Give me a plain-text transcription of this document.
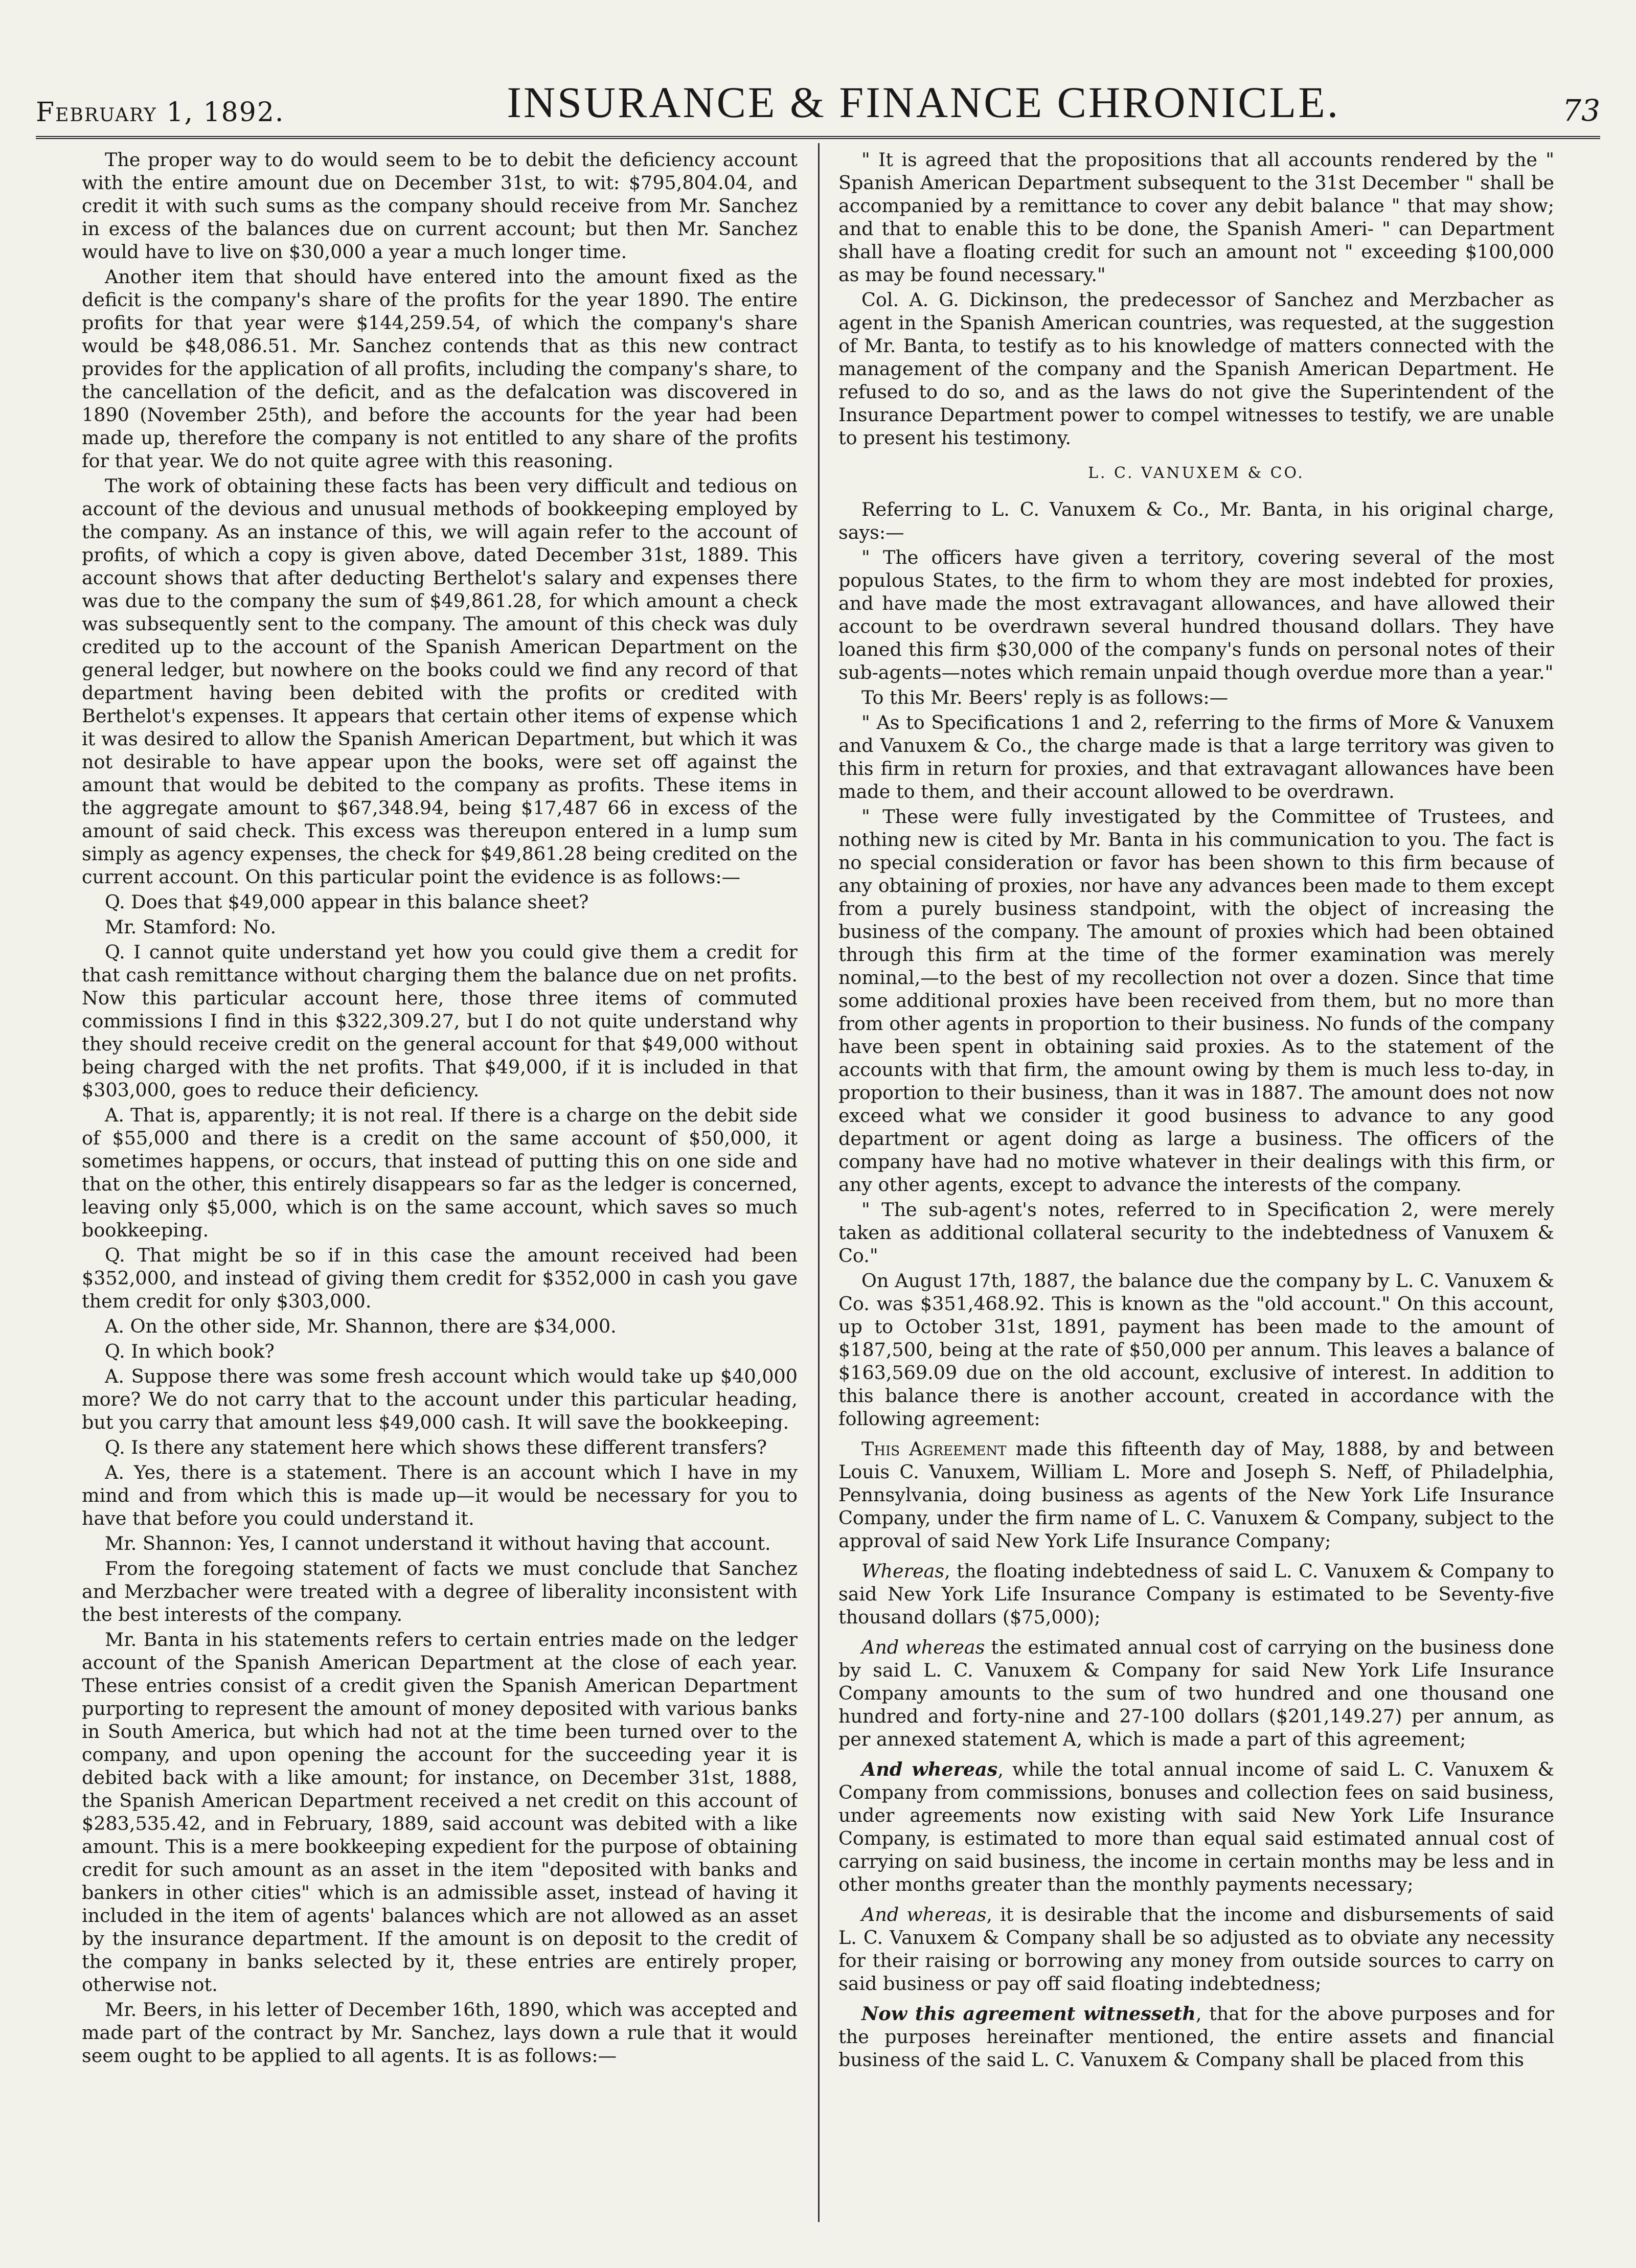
February 1, 1892.	INSURANCE & FINANCE CHRONICLE.	73

The proper way to do would seem to be to debit the deficiency account with the entire amount due on December 31st, to wit: $795,804.04, and credit it with such sums as the company should receive from Mr. Sanchez in excess of the balances due on current account; but then Mr. Sanchez would have to live on $30,000 a year a much longer time.

Another item that should have entered into the amount fixed as the deficit is the company's share of the profits for the year 1890. The entire profits for that year were $144,259.54, of which the company's share would be $48,086.51. Mr. Sanchez contends that as this new contract provides for the application of all profits, including the company's share, to the cancellation of the deficit, and as the defalcation was discovered in 1890 (November 25th), and before the accounts for the year had been made up, therefore the company is not entitled to any share of the profits for that year. We do not quite agree with this reasoning.

The work of obtaining these facts has been very difficult and tedious on account of the devious and unusual methods of bookkeeping employed by the company. As an instance of this, we will again refer to the account of profits, of which a copy is given above, dated December 31st, 1889. This account shows that after deducting Berthelot's salary and expenses there was due to the company the sum of $49,861.28, for which amount a check was subsequently sent to the company. The amount of this check was duly credited up to the account of the Spanish American Department on the general ledger, but nowhere on the books could we find any record of that department having been debited with the profits or credited with Berthelot's expenses. It appears that certain other items of expense which it was desired to allow the Spanish American Department, but which it was not desirable to have appear upon the books, were set off against the amount that would be debited to the company as profits. These items in the aggregate amount to $67,348.94, being $17,487 66 in excess of the amount of said check. This excess was thereupon entered in a lump sum simply as agency expenses, the check for $49,861.28 being credited on the current account. On this particular point the evidence is as follows:—

Q. Does that $49,000 appear in this balance sheet?

Mr. Stamford: No.

Q. I cannot quite understand yet how you could give them a credit for that cash remittance without charging them the balance due on net profits. Now this particular account here, those three items of commuted commissions I find in this $322,309.27, but I do not quite understand why they should receive credit on the general account for that $49,000 without being charged with the net profits. That $49,000, if it is included in that $303,000, goes to reduce their deficiency.

A. That is, apparently; it is not real. If there is a charge on the debit side of $55,000 and there is a credit on the same account of $50,000, it sometimes happens, or occurs, that instead of putting this on one side and that on the other, this entirely disappears so far as the ledger is concerned, leaving only $5,000, which is on the same account, which saves so much bookkeeping.

Q. That might be so if in this case the amount received had been $352,000, and instead of giving them credit for $352,000 in cash you gave them credit for only $303,000.

A. On the other side, Mr. Shannon, there are $34,000.

Q. In which book?

A. Suppose there was some fresh account which would take up $40,000 more? We do not carry that to the account under this particular heading, but you carry that amount less $49,000 cash. It will save the bookkeeping.

Q. Is there any statement here which shows these different transfers?

A. Yes, there is a statement. There is an account which I have in my mind and from which this is made up—it would be necessary for you to have that before you could understand it.

Mr. Shannon: Yes, I cannot understand it without having that account.

From the foregoing statement of facts we must conclude that Sanchez and Merzbacher were treated with a degree of liberality inconsistent with the best interests of the company.

Mr. Banta in his statements refers to certain entries made on the ledger account of the Spanish American Department at the close of each year. These entries consist of a credit given the Spanish American Department purporting to represent the amount of money deposited with various banks in South America, but which had not at the time been turned over to the company, and upon opening the account for the succeeding year it is debited back with a like amount; for instance, on December 31st, 1888, the Spanish American Department received a net credit on this account of $283,535.42, and in February, 1889, said account was debited with a like amount. This is a mere bookkeeping expedient for the purpose of obtaining credit for such amount as an asset in the item "deposited with banks and bankers in other cities" which is an admissible asset, instead of having it included in the item of agents' balances which are not allowed as an asset by the insurance department. If the amount is on deposit to the credit of the company in banks selected by it, these entries are entirely proper, otherwise not.

Mr. Beers, in his letter of December 16th, 1890, which was accepted and made part of the contract by Mr. Sanchez, lays down a rule that it would seem ought to be applied to all agents. It is as follows:—

" It is agreed that the propositions that all accounts rendered by the " Spanish American Department subsequent to the 31st December " shall be accompanied by a remittance to cover any debit balance " that may show; and that to enable this to be done, the Spanish Ameri- " can Department shall have a floating credit for such an amount not " exceeding $100,000 as may be found necessary."

Col. A. G. Dickinson, the predecessor of Sanchez and Merzbacher as agent in the Spanish American countries, was requested, at the suggestion of Mr. Banta, to testify as to his knowledge of matters connected with the management of the company and the Spanish American Department. He refused to do so, and as the laws do not give the Superintendent of the Insurance Department power to compel witnesses to testify, we are unable to present his testimony.

L. C. VANUXEM & CO.

Referring to L. C. Vanuxem & Co., Mr. Banta, in his original charge, says:—

" The officers have given a territory, covering several of the most populous States, to the firm to whom they are most indebted for proxies, and have made the most extravagant allowances, and have allowed their account to be overdrawn several hundred thousand dollars. They have loaned this firm $30,000 of the company's funds on personal notes of their sub-agents—notes which remain unpaid though overdue more than a year."

To this Mr. Beers' reply is as follows:—

" As to Specifications 1 and 2, referring to the firms of More & Vanuxem and Vanuxem & Co., the charge made is that a large territory was given to this firm in return for proxies, and that extravagant allowances have been made to them, and their account allowed to be overdrawn.

" These were fully investigated by the Committee of Trustees, and nothing new is cited by Mr. Banta in his communication to you. The fact is no special consideration or favor has been shown to this firm because of any obtaining of proxies, nor have any advances been made to them except from a purely business standpoint, with the object of increasing the business of the company. The amount of proxies which had been obtained through this firm at the time of the former examination was merely nominal,—to the best of my recollection not over a dozen. Since that time some additional proxies have been received from them, but no more than from other agents in proportion to their business. No funds of the company have been spent in obtaining said proxies. As to the statement of the accounts with that firm, the amount owing by them is much less to-day, in proportion to their business, than it was in 1887. The amount does not now exceed what we consider it good business to advance to any good department or agent doing as large a business. The officers of the company have had no motive whatever in their dealings with this firm, or any other agents, except to advance the interests of the company.

" The sub-agent's notes, referred to in Specification 2, were merely taken as additional collateral security to the indebtedness of Vanuxem & Co."

On August 17th, 1887, the balance due the company by L. C. Vanuxem & Co. was $351,468.92. This is known as the "old account." On this account, up to October 31st, 1891, payment has been made to the amount of $187,500, being at the rate of $50,000 per annum. This leaves a balance of $163,569.09 due on the old account, exclusive of interest. In addition to this balance there is another account, created in accordance with the following agreement:

This Agreement made this fifteenth day of May, 1888, by and between Louis C. Vanuxem, William L. More and Joseph S. Neff, of Philadelphia, Pennsylvania, doing business as agents of the New York Life Insurance Company, under the firm name of L. C. Vanuxem & Company, subject to the approval of said New York Life Insurance Company;

Whereas, the floating indebtedness of said L. C. Vanuxem & Company to said New York Life Insurance Company is estimated to be Seventy-five thousand dollars ($75,000);

And whereas the estimated annual cost of carrying on the business done by said L. C. Vanuxem & Company for said New York Life Insurance Company amounts to the sum of two hundred and one thousand one hundred and forty-nine and 27-100 dollars ($201,149.27) per annum, as per annexed statement A, which is made a part of this agreement;

And whereas, while the total annual income of said L. C. Vanuxem & Company from commissions, bonuses and collection fees on said business, under agreements now existing with said New York Life Insurance Company, is estimated to more than equal said estimated annual cost of carrying on said business, the income in certain months may be less and in other months greater than the monthly payments necessary;

And whereas, it is desirable that the income and disbursements of said L. C. Vanuxem & Company shall be so adjusted as to obviate any necessity for their raising or borrowing any money from outside sources to carry on said business or pay off said floating indebtedness;

Now this agreement witnesseth, that for the above purposes and for the purposes hereinafter mentioned, the entire assets and financial business of the said L. C. Vanuxem & Company shall be placed from this
